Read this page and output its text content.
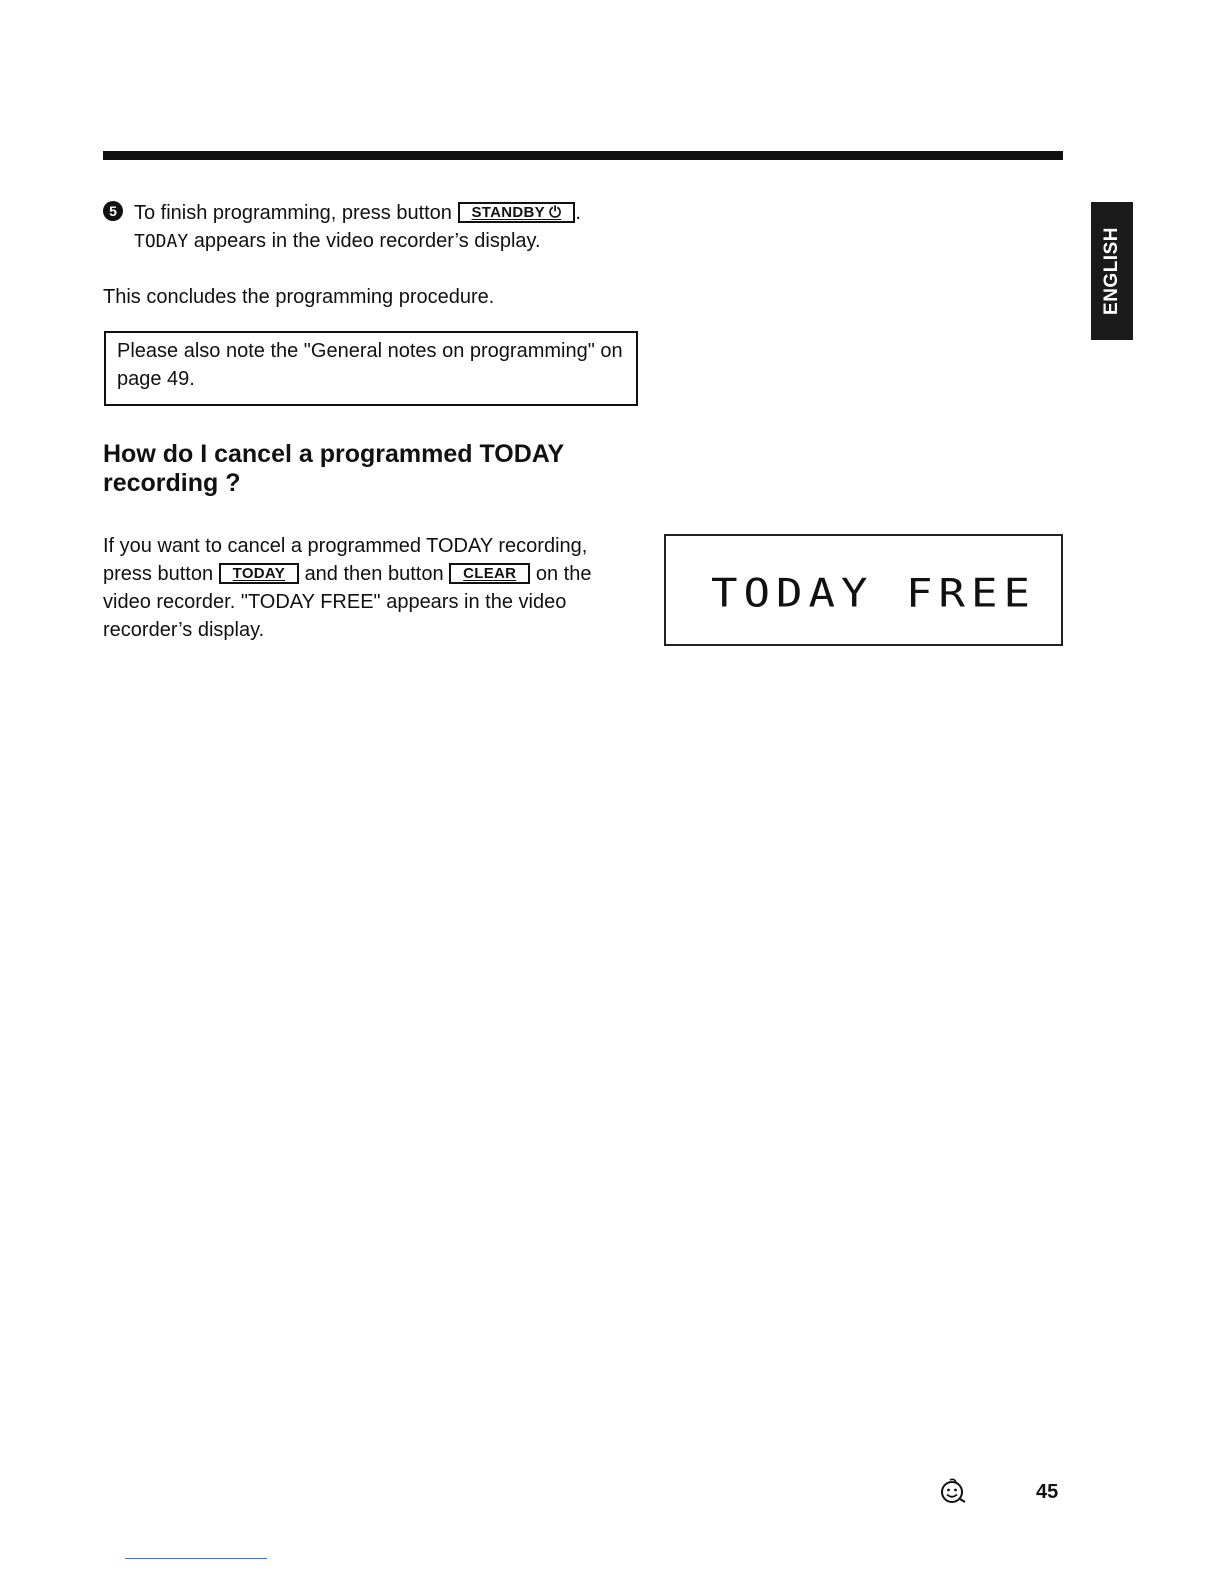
ENGLISH
5 To finish programming, press button STANDBY ⏻ .
TODAY appears in the video recorder’s display.
This concludes the programming procedure.
Please also note the "General notes on programming" on
page 49.
How do I cancel a programmed TODAY
recording ?
If you want to cancel a programmed TODAY recording,
press button TODAY and then button CLEAR on the
video recorder. "TODAY FREE" appears in the video
recorder’s display.
TODAY FREE
45
